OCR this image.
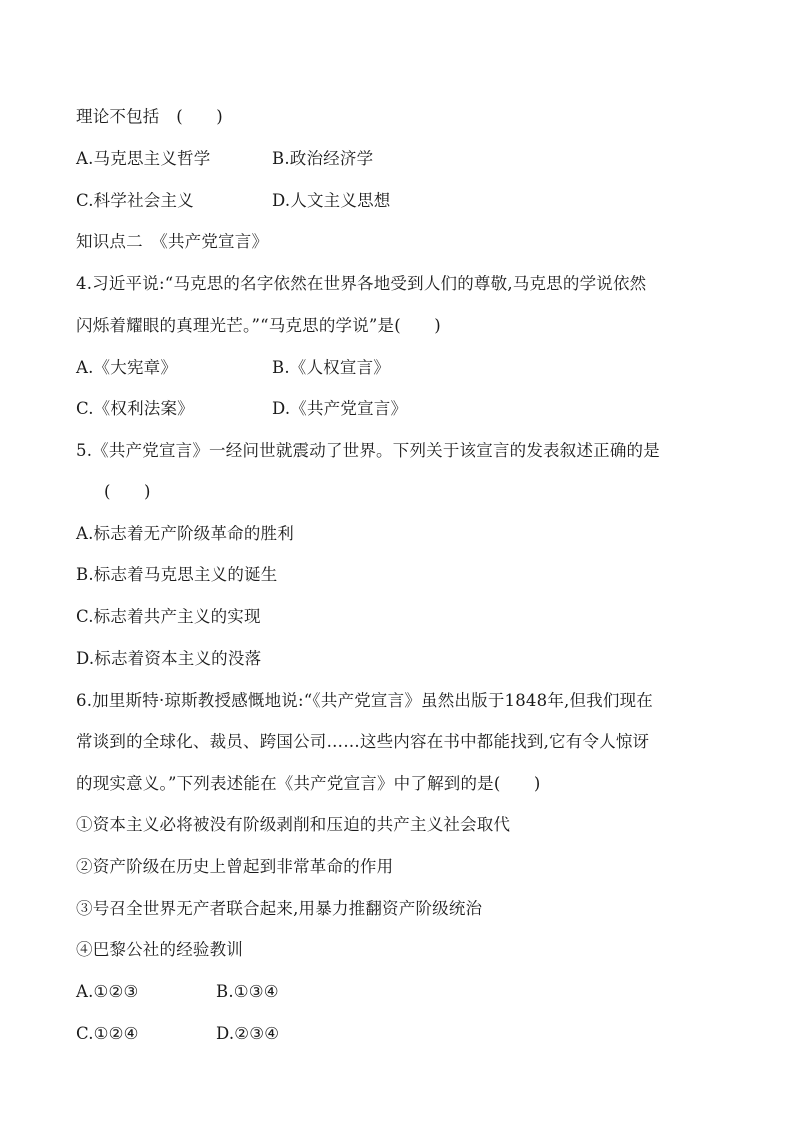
理论不包括　(　　)
A.马克思主义哲学	B.政治经济学
C.科学社会主义	D.人文主义思想
知识点二　《共产党宣言》
4.习近平说:“马克思的名字依然在世界各地受到人们的尊敬,马克思的学说依然
闪烁着耀眼的真理光芒。”“马克思的学说”是(　　)
A.《大宪章》	B.《人权宣言》
C.《权利法案》	D.《共产党宣言》
5.《共产党宣言》一经问世就震动了世界。下列关于该宣言的发表叙述正确的是
(　　)
A.标志着无产阶级革命的胜利
B.标志着马克思主义的诞生
C.标志着共产主义的实现
D.标志着资本主义的没落
6.加里斯特·琼斯教授感慨地说:“《共产党宣言》虽然出版于1848年,但我们现在
常谈到的全球化、裁员、跨国公司……这些内容在书中都能找到,它有令人惊讶
的现实意义。”下列表述能在《共产党宣言》中了解到的是(　　)
①资本主义必将被没有阶级剥削和压迫的共产主义社会取代
②资产阶级在历史上曾起到非常革命的作用
③号召全世界无产者联合起来,用暴力推翻资产阶级统治
④巴黎公社的经验教训
A.①②③	B.①③④
C.①②④	D.②③④
